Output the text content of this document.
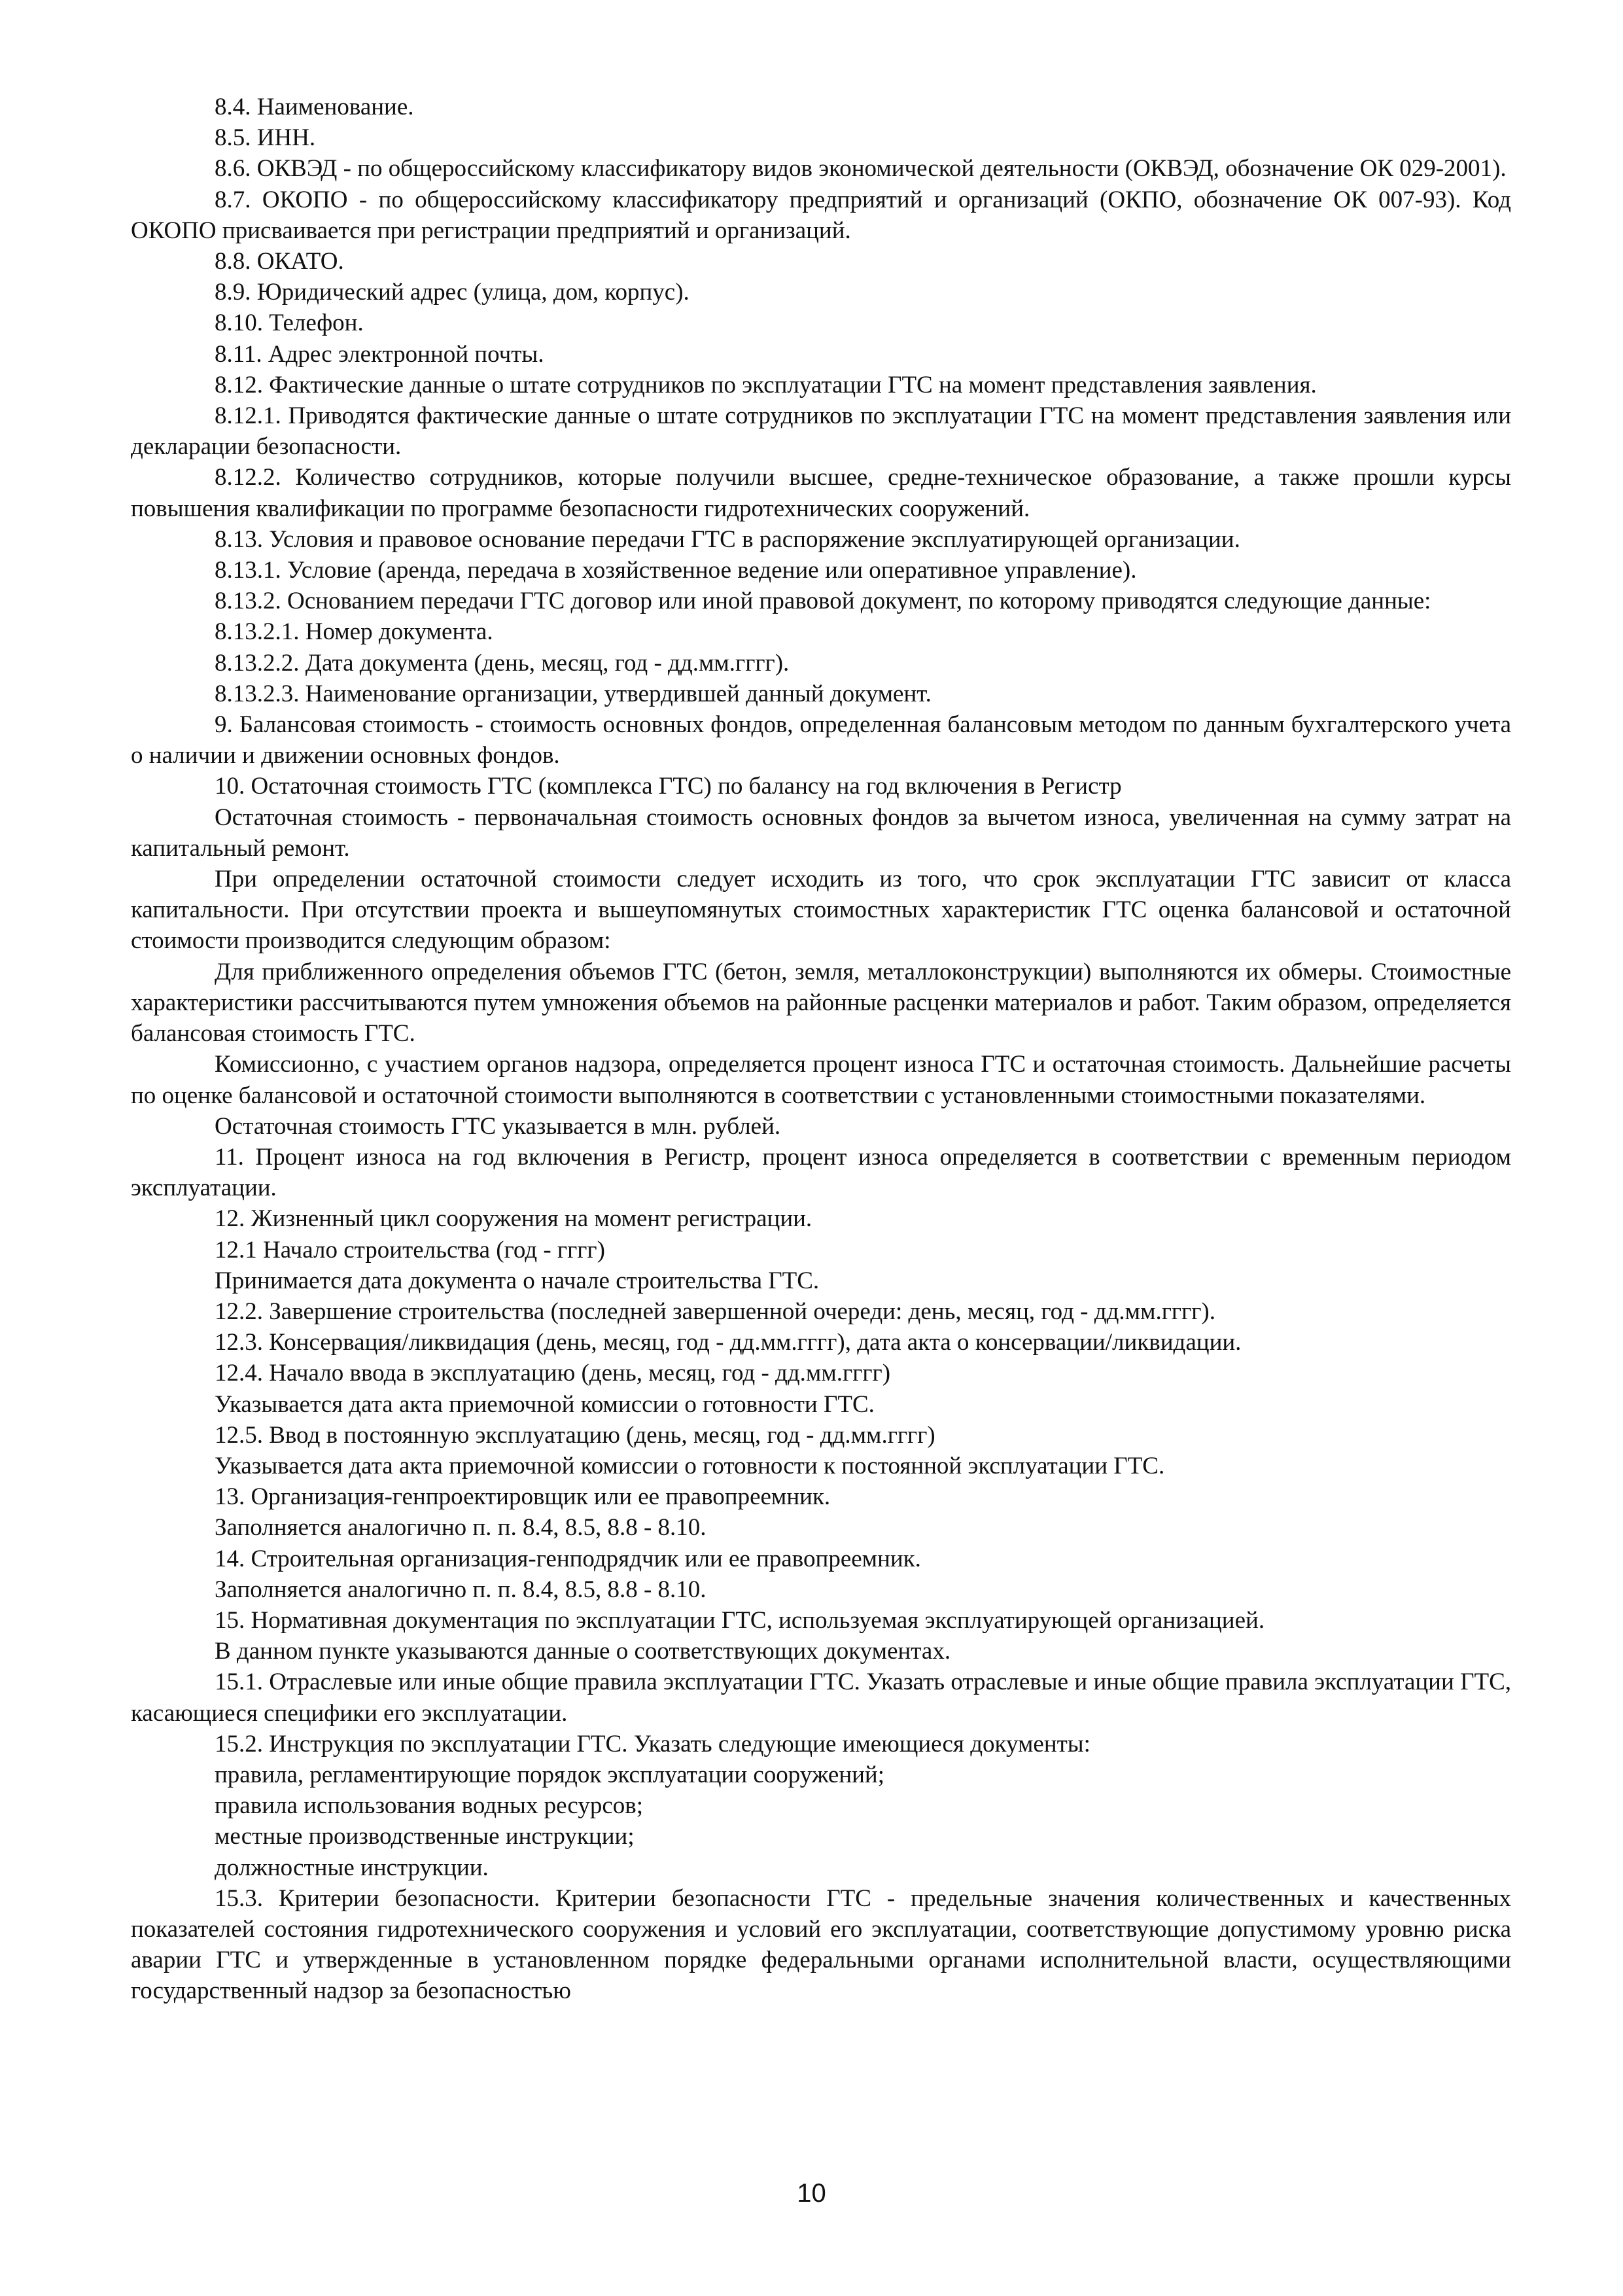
8.4. Наименование.

8.5. ИНН.

8.6. ОКВЭД - по общероссийскому классификатору видов экономической деятельности (ОКВЭД, обозначение ОК 029-2001).

8.7. ОКОПО - по общероссийскому классификатору предприятий и организаций (ОКПО, обозначение ОК 007-93). Код ОКОПО присваивается при регистрации предприятий и организаций.

8.8. ОКАТО.

8.9. Юридический адрес (улица, дом, корпус).

8.10. Телефон.

8.11. Адрес электронной почты.

8.12. Фактические данные о штате сотрудников по эксплуатации ГТС на момент представления заявления.

8.12.1. Приводятся фактические данные о штате сотрудников по эксплуатации ГТС на момент представления заявления или декларации безопасности.

8.12.2. Количество сотрудников, которые получили высшее, средне-техническое образование, а также прошли курсы повышения квалификации по программе безопасности гидротехнических сооружений.

8.13. Условия и правовое основание передачи ГТС в распоряжение эксплуатирующей организации.

8.13.1. Условие (аренда, передача в хозяйственное ведение или оперативное управление).

8.13.2. Основанием передачи ГТС договор или иной правовой документ, по которому приводятся следующие данные:

8.13.2.1. Номер документа.

8.13.2.2. Дата документа (день, месяц, год - дд.мм.гггг).

8.13.2.3. Наименование организации, утвердившей данный документ.

9. Балансовая стоимость - стоимость основных фондов, определенная балансовым методом по данным бухгалтерского учета о наличии и движении основных фондов.

10. Остаточная стоимость ГТС (комплекса ГТС) по балансу на год включения в Регистр

Остаточная стоимость - первоначальная стоимость основных фондов за вычетом износа, увеличенная на сумму затрат на капитальный ремонт.

При определении остаточной стоимости следует исходить из того, что срок эксплуатации ГТС зависит от класса капитальности. При отсутствии проекта и вышеупомянутых стоимостных характеристик ГТС оценка балансовой и остаточной стоимости производится следующим образом:

Для приближенного определения объемов ГТС (бетон, земля, металлоконструкции) выполняются их обмеры. Стоимостные характеристики рассчитываются путем умножения объемов на районные расценки материалов и работ. Таким образом, определяется балансовая стоимость ГТС.

Комиссионно, с участием органов надзора, определяется процент износа ГТС и остаточная стоимость. Дальнейшие расчеты по оценке балансовой и остаточной стоимости выполняются в соответствии с установленными стоимостными показателями.

Остаточная стоимость ГТС указывается в млн. рублей.

11. Процент износа на год включения в Регистр, процент износа определяется в соответствии с временным периодом эксплуатации.

12. Жизненный цикл сооружения на момент регистрации.

12.1 Начало строительства (год - гггг)

Принимается дата документа о начале строительства ГТС.

12.2. Завершение строительства (последней завершенной очереди: день, месяц, год - дд.мм.гггг).

12.3. Консервация/ликвидация (день, месяц, год - дд.мм.гггг), дата акта о консервации/ликвидации.

12.4. Начало ввода в эксплуатацию (день, месяц, год - дд.мм.гггг)

Указывается дата акта приемочной комиссии о готовности ГТС.

12.5. Ввод в постоянную эксплуатацию (день, месяц, год - дд.мм.гггг)

Указывается дата акта приемочной комиссии о готовности к постоянной эксплуатации ГТС.

13. Организация-генпроектировщик или ее правопреемник.

Заполняется аналогично п. п. 8.4, 8.5, 8.8 - 8.10.

14. Строительная организация-генподрядчик или ее правопреемник.

Заполняется аналогично п. п. 8.4, 8.5, 8.8 - 8.10.

15. Нормативная документация по эксплуатации ГТС, используемая эксплуатирующей организацией.

В данном пункте указываются данные о соответствующих документах.

15.1. Отраслевые или иные общие правила эксплуатации ГТС. Указать отраслевые и иные общие правила эксплуатации ГТС, касающиеся специфики его эксплуатации.

15.2. Инструкция по эксплуатации ГТС. Указать следующие имеющиеся документы:

правила, регламентирующие порядок эксплуатации сооружений;

правила использования водных ресурсов;

местные производственные инструкции;

должностные инструкции.

15.3. Критерии безопасности. Критерии безопасности ГТС - предельные значения количественных и качественных показателей состояния гидротехнического сооружения и условий его эксплуатации, соответствующие допустимому уровню риска аварии ГТС и утвержденные в установленном порядке федеральными органами исполнительной власти, осуществляющими государственный надзор за безопасностью

10
